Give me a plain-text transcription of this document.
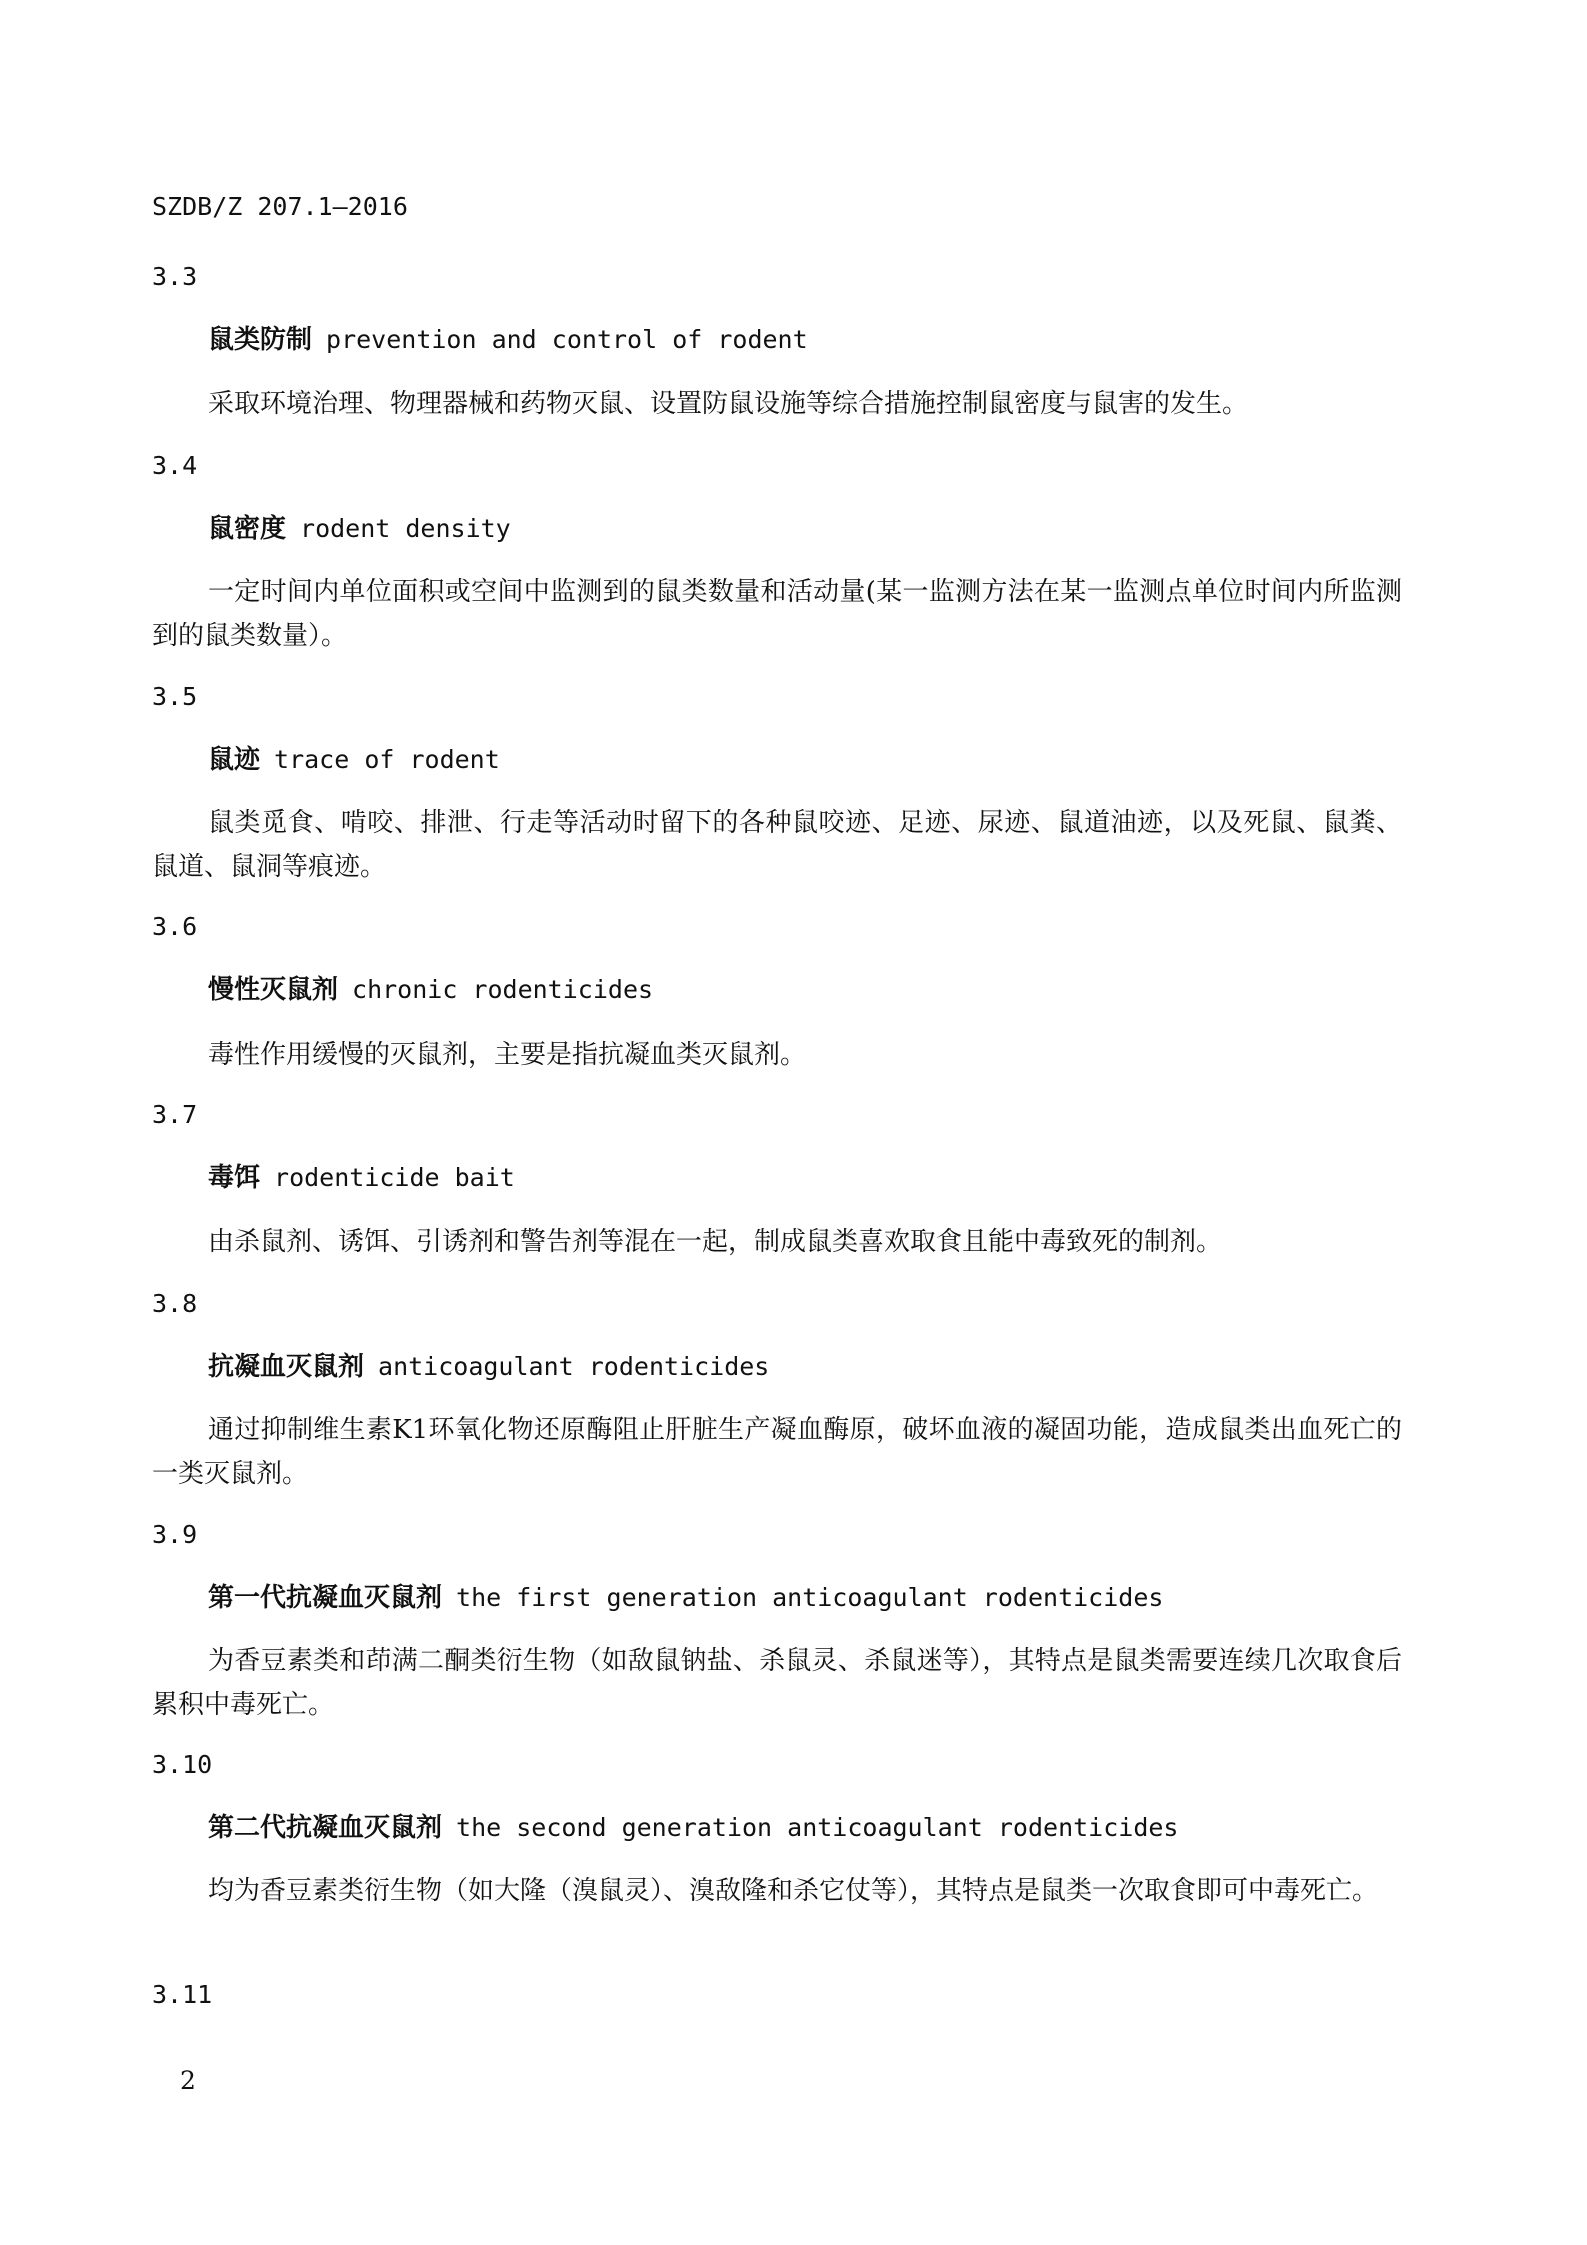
SZDB/Z 207.1—2016
3.3
鼠类防制 prevention and control of rodent
采取环境治理、物理器械和药物灭鼠、设置防鼠设施等综合措施控制鼠密度与鼠害的发生。
3.4
鼠密度 rodent density
一定时间内单位面积或空间中监测到的鼠类数量和活动量(某一监测方法在某一监测点单位时间内所监测到的鼠类数量）。
3.5
鼠迹 trace of rodent
鼠类觅食、啃咬、排泄、行走等活动时留下的各种鼠咬迹、足迹、尿迹、鼠道油迹，以及死鼠、鼠粪、鼠道、鼠洞等痕迹。
3.6
慢性灭鼠剂 chronic rodenticides
毒性作用缓慢的灭鼠剂，主要是指抗凝血类灭鼠剂。
3.7
毒饵 rodenticide bait
由杀鼠剂、诱饵、引诱剂和警告剂等混在一起，制成鼠类喜欢取食且能中毒致死的制剂。
3.8
抗凝血灭鼠剂 anticoagulant rodenticides
通过抑制维生素K1环氧化物还原酶阻止肝脏生产凝血酶原，破坏血液的凝固功能，造成鼠类出血死亡的一类灭鼠剂。
3.9
第一代抗凝血灭鼠剂 the first generation anticoagulant rodenticides
为香豆素类和茚满二酮类衍生物（如敌鼠钠盐、杀鼠灵、杀鼠迷等），其特点是鼠类需要连续几次取食后累积中毒死亡。
3.10
第二代抗凝血灭鼠剂 the second generation anticoagulant rodenticides
均为香豆素类衍生物（如大隆（溴鼠灵）、溴敌隆和杀它仗等），其特点是鼠类一次取食即可中毒死亡。
3.11
2
